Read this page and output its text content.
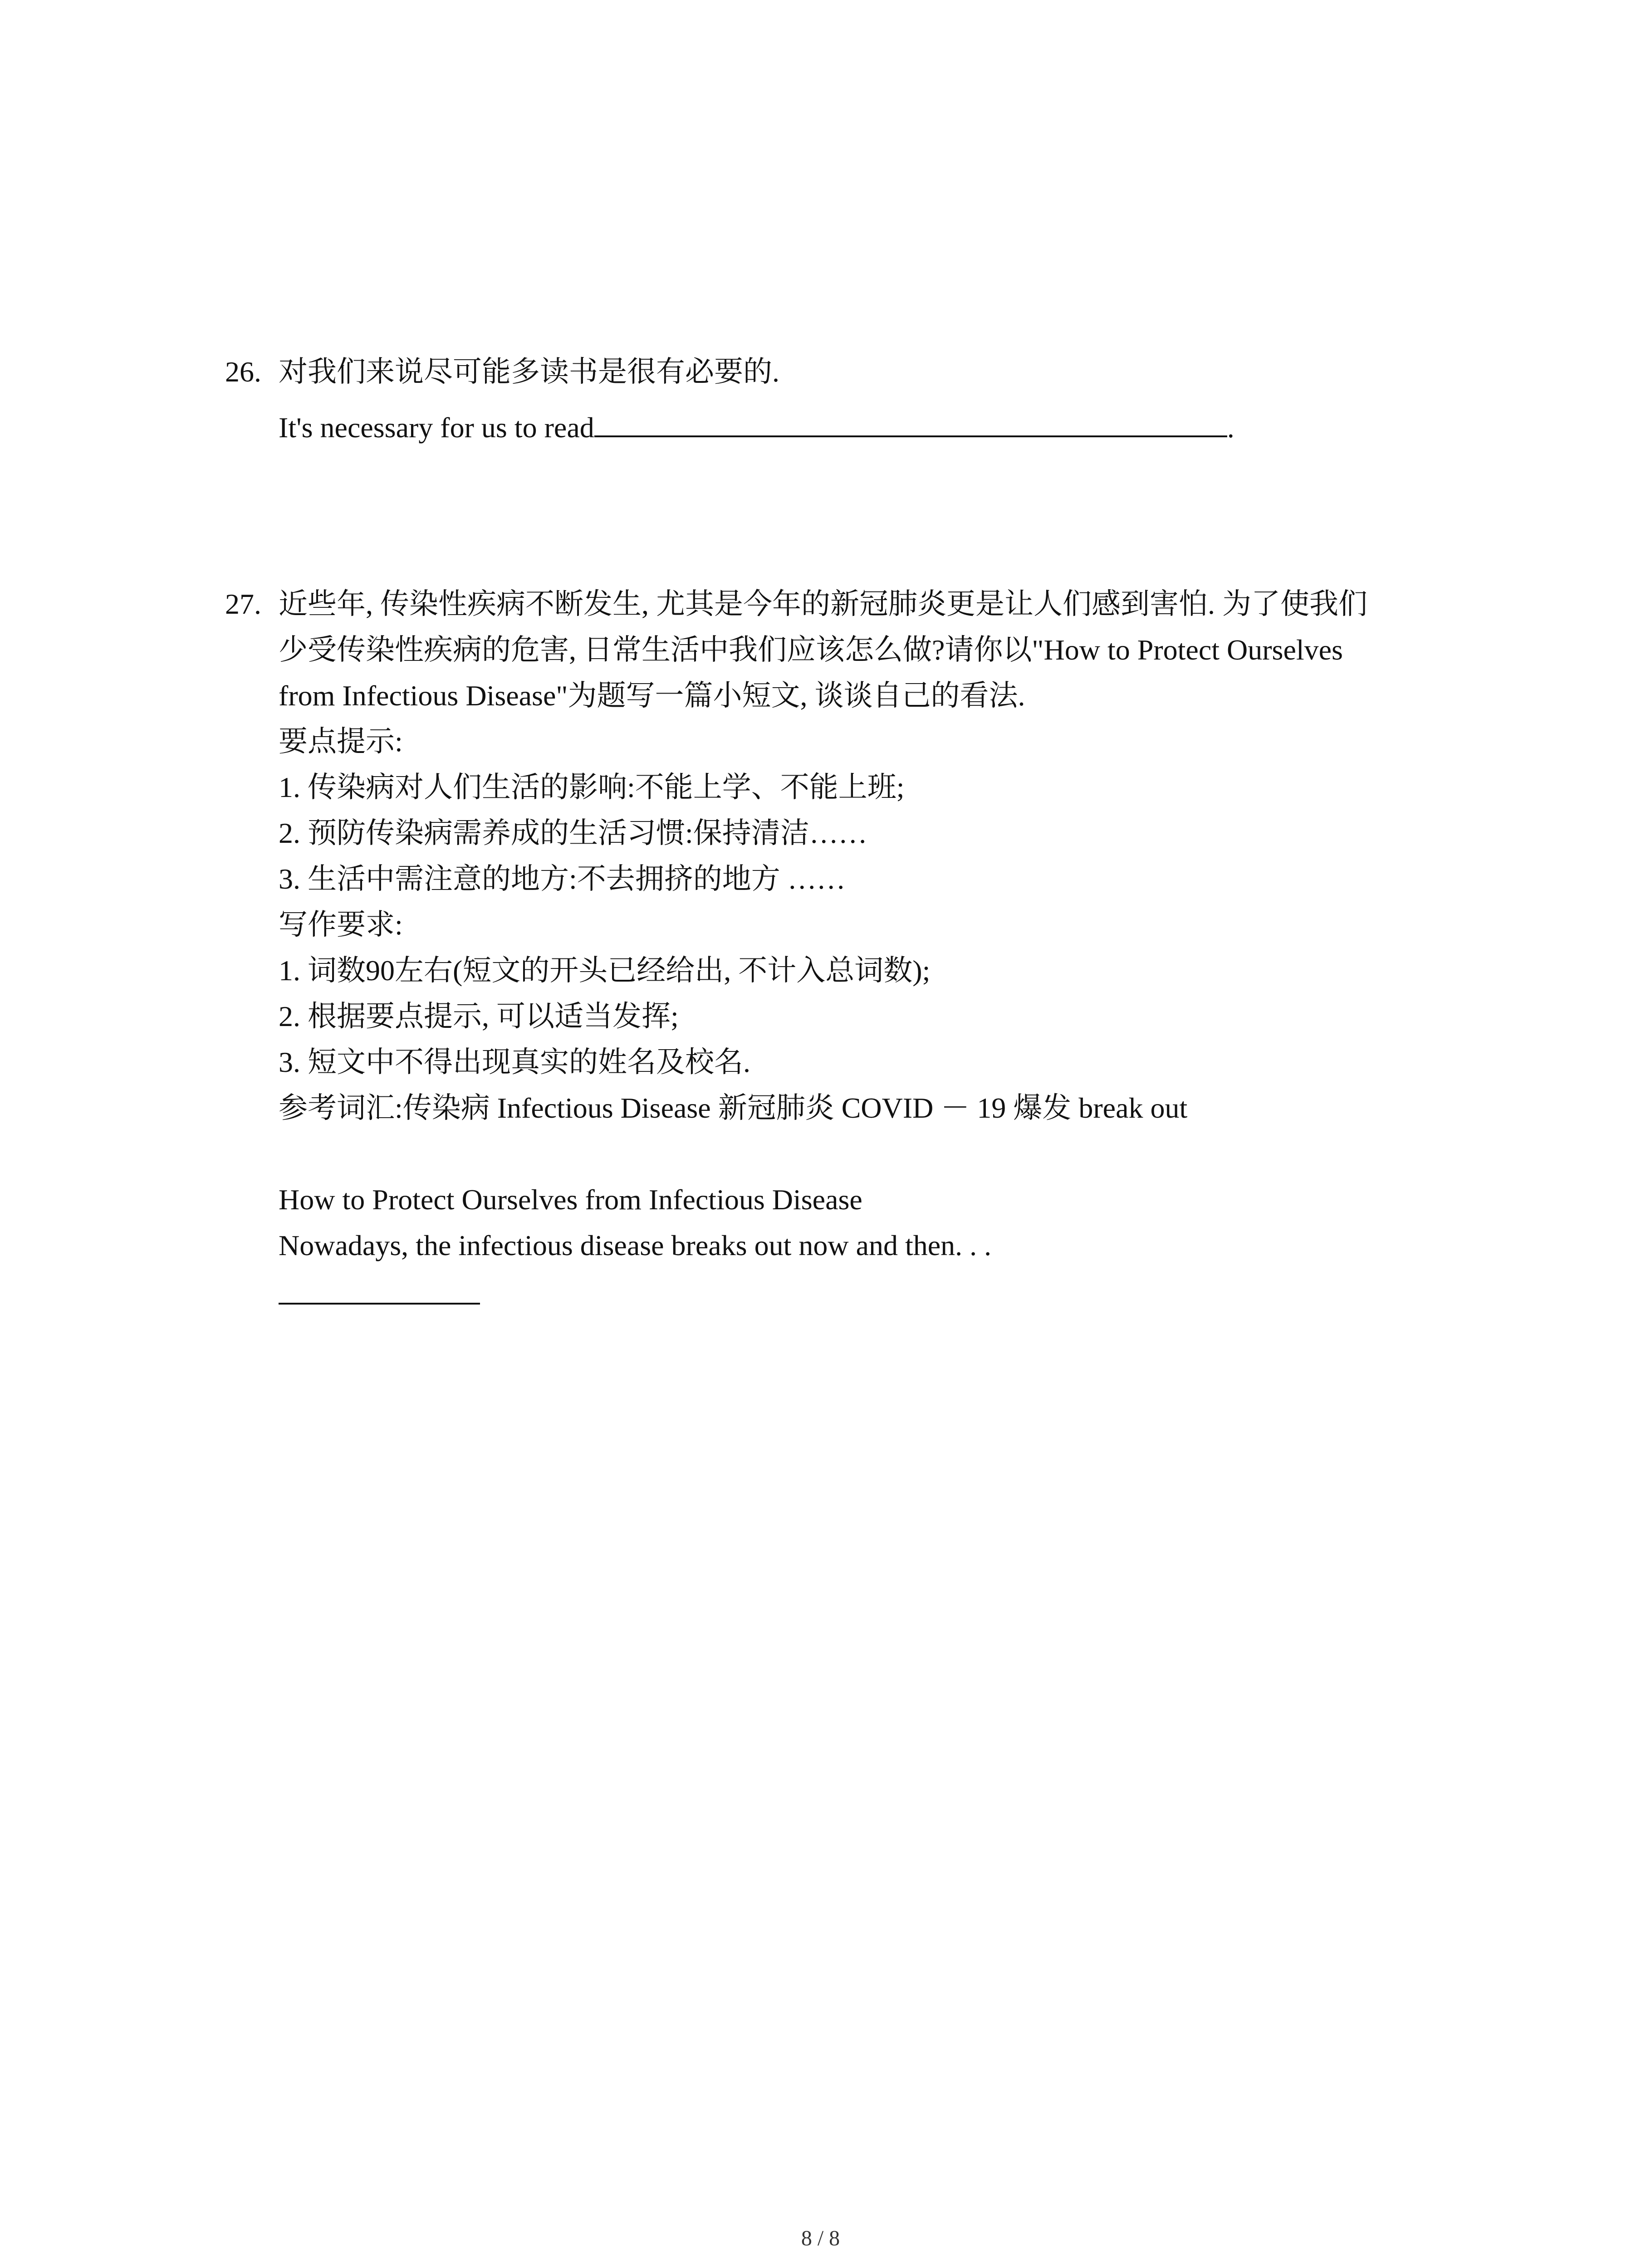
26. 对我们来说尽可能多读书是很有必要的.
It's necessary for us to read	.
27. 近些年, 传染性疾病不断发生, 尤其是今年的新冠肺炎更是让人们感到害怕. 为了使我们
少受传染性疾病的危害, 日常生活中我们应该怎么做?请你以"How to Protect Ourselves
from Infectious Disease"为题写一篇小短文, 谈谈自己的看法.
要点提示:
1. 传染病对人们生活的影响:不能上学、不能上班;
2. 预防传染病需养成的生活习惯:保持清洁……
3. 生活中需注意的地方:不去拥挤的地方 ……
写作要求:
1. 词数90左右(短文的开头已经给出, 不计入总词数);
2. 根据要点提示, 可以适当发挥;
3. 短文中不得出现真实的姓名及校名.
参考词汇:传染病 Infectious Disease 新冠肺炎 COVID － 19 爆发 break out
How to Protect Ourselves from Infectious Disease
Nowadays, the infectious disease breaks out now and then. . .
8 / 8
